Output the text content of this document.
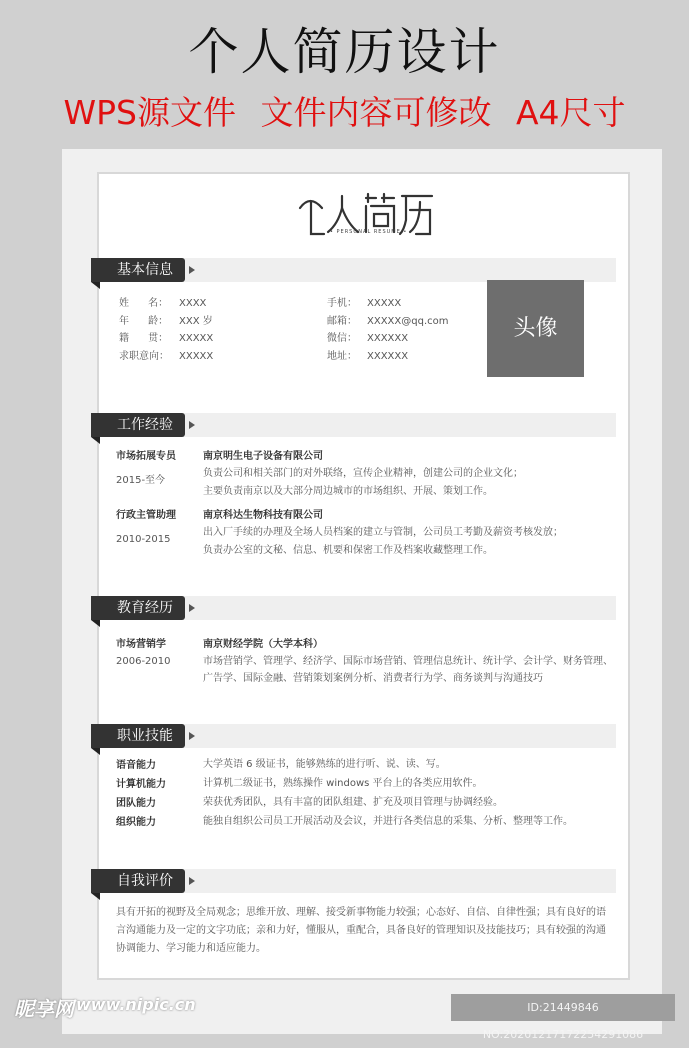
个人简历设计
WPS源文件 文件内容可修改 A4尺寸
• PERSONAL RESUME •
基本信息
姓      名： XXXX
年      龄： XXX 岁
籍      贯： XXXXX
求职意向： XXXXX
手机： XXXXX
邮箱： XXXXX@qq.com
微信： XXXXXX
地址： XXXXXX
头像
工作经验
市场拓展专员
2015-至今
南京明生电子设备有限公司
负责公司和相关部门的对外联络，宣传企业精神，创建公司的企业文化；
主要负责南京以及大部分周边城市的市场组织、开展、策划工作。
行政主管助理
2010-2015
南京科达生物科技有限公司
出入厂手续的办理及全场人员档案的建立与管制，公司员工考勤及薪资考核发放；
负责办公室的文秘、信息、机要和保密工作及档案收藏整理工作。
教育经历
市场营销学
2006-2010
南京财经学院（大学本科）
市场营销学、管理学、经济学、国际市场营销、管理信息统计、统计学、会计学、财务管理、
广告学、国际金融、营销策划案例分析、消费者行为学、商务谈判与沟通技巧
职业技能
语音能力	大学英语 6 级证书，能够熟练的进行听、说、读、写。
计算机能力	计算机二级证书，熟练操作 windows 平台上的各类应用软件。
团队能力	荣获优秀团队，具有丰富的团队组建、扩充及项目管理与协调经验。
组织能力	能独自组织公司员工开展活动及会议，并进行各类信息的采集、分析、整理等工作。
自我评价
具有开拓的视野及全局观念；思维开放、理解、接受新事物能力较强；心态好、自信、自律性强；具有良好的语
言沟通能力及一定的文字功底；亲和力好，懂服从，重配合，具备良好的管理知识及技能技巧；具有较强的沟通
协调能力、学习能力和适应能力。
昵享网 www.nipic.cn	ID:21449846 NO:20201217172254291086
